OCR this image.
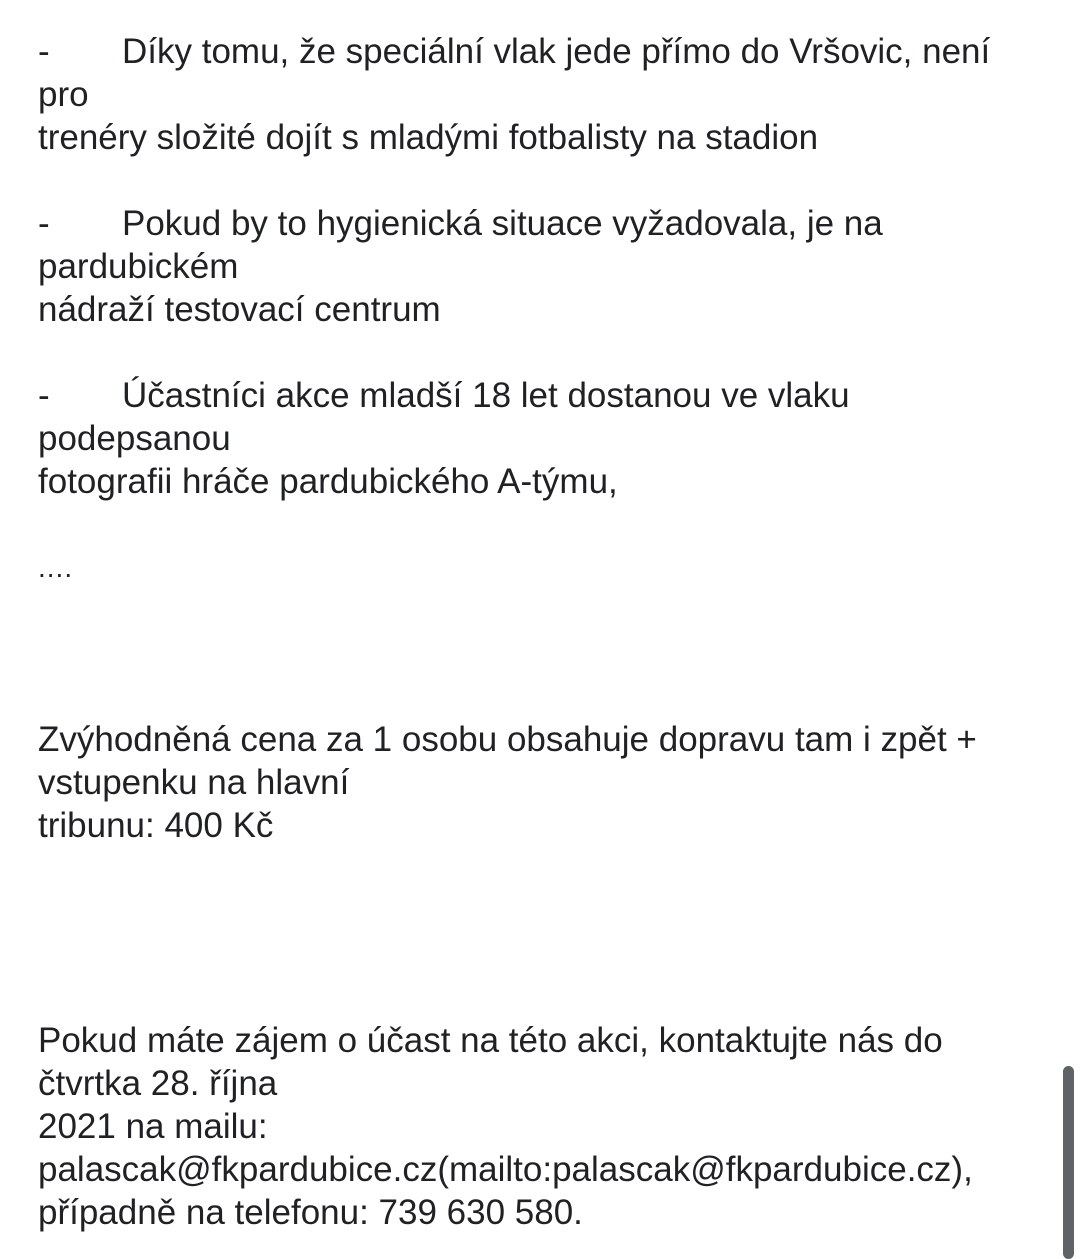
-	Díky tomu, že speciální vlak jede přímo do Vršovic, není
pro
trenéry složité dojít s mladými fotbalisty na stadion
-	Pokud by to hygienická situace vyžadovala, je na
pardubickém
nádraží testovací centrum
-	Účastníci akce mladší 18 let dostanou ve vlaku
podepsanou
fotografii hráče pardubického A-týmu,
....
Zvýhodněná cena za 1 osobu obsahuje dopravu tam i zpět +
vstupenku na hlavní
tribunu: 400 Kč
Pokud máte zájem o účast na této akci, kontaktujte nás do
čtvrtka 28. října
2021 na mailu:
palascak@fkpardubice.cz(mailto:palascak@fkpardubice.cz),
případně na telefonu: 739 630 580.
